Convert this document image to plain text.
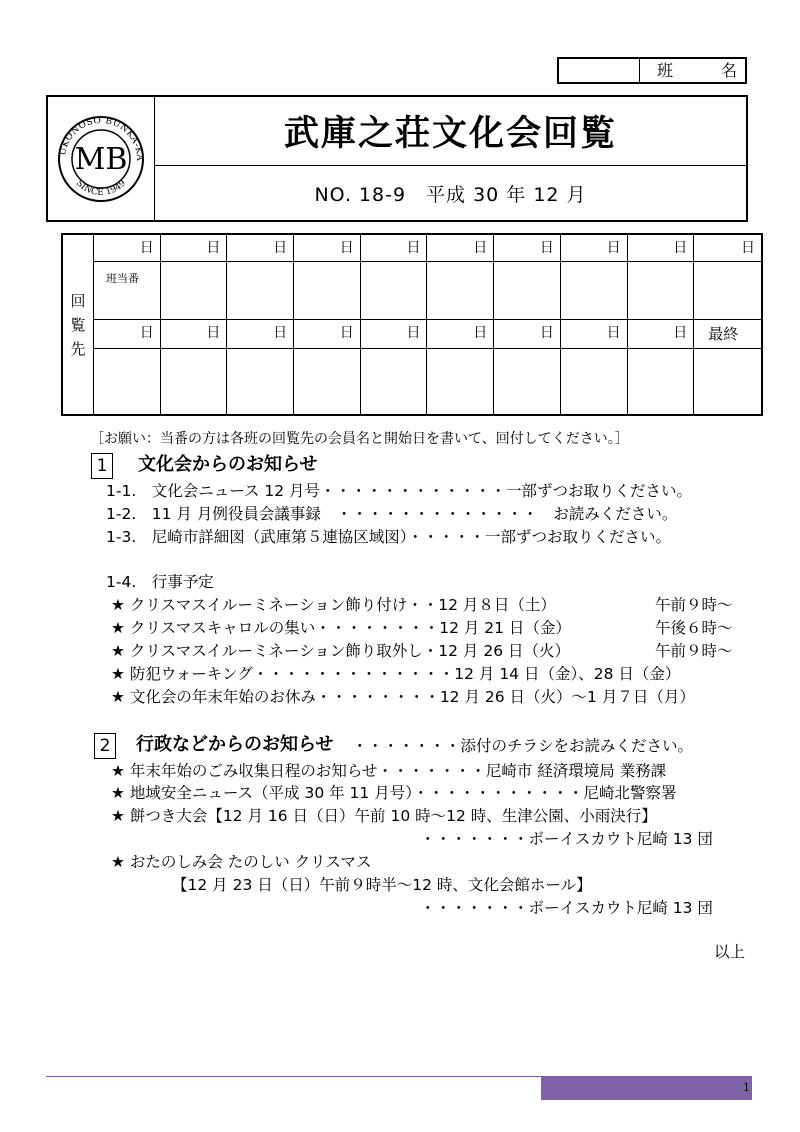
班	名
UKONOSO BUNKA-KA
SINCE 1949
MB
武庫之荘文化会回覧
NO. 18-9　平成 30 年 12 月
回
覧
先
日	日	日	日	日	日	日	日	日	日
班当番
日	日	日	日	日	日	日	日	日	最終
［お願い：当番の方は各班の回覧先の会員名と開始日を書いて、回付してください。］
1	文化会からのお知らせ
1-1.　文化会ニュース 12 月号・・・・・・・・・・・・一部ずつお取りください。
1-2.　11 月 月例役員会議事録　・・・・・・・・・・・・・　お読みください。
1-3.　尼崎市詳細図（武庫第５連協区域図）・・・・・一部ずつお取りください。
1-4.　行事予定
★ クリスマスイルーミネーション飾り付け・・12 月８日（土）	午前９時～
★ クリスマスキャロルの集い・・・・・・・・12 月 21 日（金）	午後６時～
★ クリスマスイルーミネーション飾り取外し・12 月 26 日（火）	午前９時～
★ 防犯ウォーキング・・・・・・・・・・・・・12 月 14 日（金）、28 日（金）
★ 文化会の年末年始のお休み・・・・・・・・12 月 26 日（火）～1 月７日（月）
2	行政などからのお知らせ ・・・・・・・添付のチラシをお読みください。
★ 年末年始のごみ収集日程のお知らせ・・・・・・・尼崎市 経済環境局 業務課
★ 地域安全ニュース（平成 30 年 11 月号）・・・・・・・・・・・尼崎北警察署
★ 餅つき大会【12 月 16 日（日）午前 10 時～12 時、生津公園、小雨決行】
・・・・・・・ボーイスカウト尼崎 13 団
★ おたのしみ会 たのしい クリスマス
【12 月 23 日（日）午前９時半～12 時、文化会館ホール】
・・・・・・・ボーイスカウト尼崎 13 団
以上
1
